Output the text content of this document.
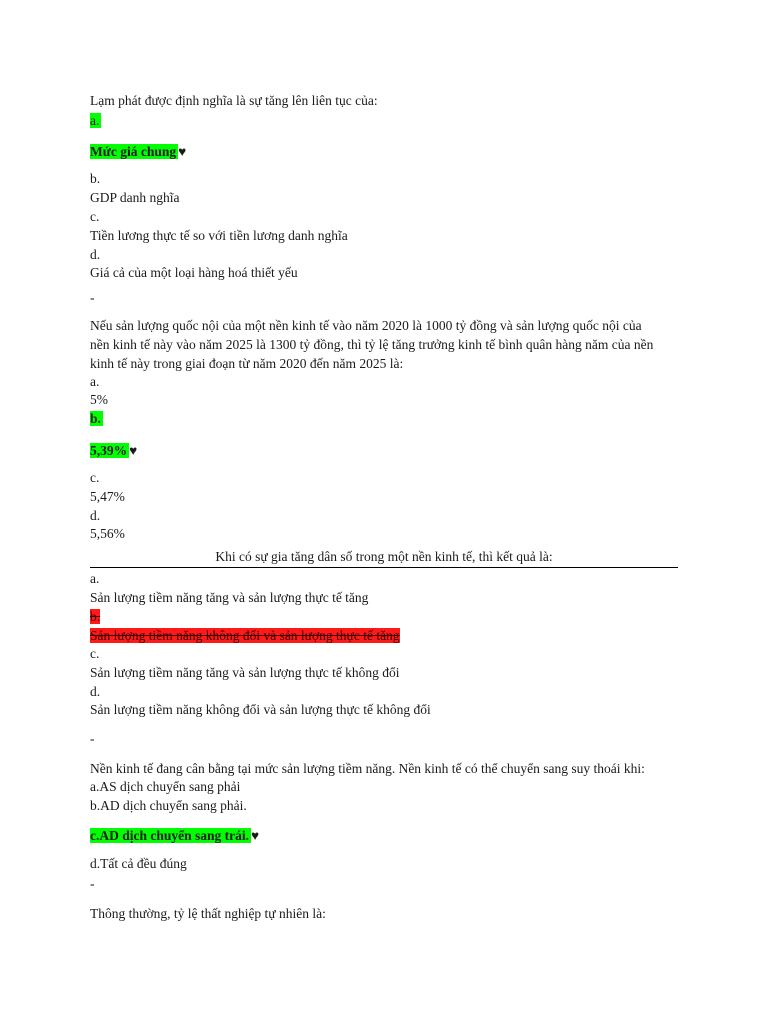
Lạm phát được định nghĩa là sự tăng lên liên tục của:
a.
Mức giá chung ♥
b.
GDP danh nghĩa
c.
Tiền lương thực tế so với tiền lương danh nghĩa
d.
Giá cả của một loại hàng hoá thiết yếu
-
Nếu sản lượng quốc nội của một nền kinh tế vào năm 2020 là 1000 tỷ đồng và sản lượng quốc nội của
nền kinh tế này vào năm 2025 là 1300 tỷ đồng, thì tỷ lệ tăng trưởng kinh tế bình quân hàng năm của nền
kinh tế này trong giai đoạn từ năm 2020 đến năm 2025 là:
a.
5%
b.
5,39% ♥
c.
5,47%
d.
5,56%
Khi có sự gia tăng dân số trong một nền kinh tế, thì kết quả là:
a.
Sản lượng tiềm năng tăng và sản lượng thực tế tăng
b.
Sản lượng tiềm năng không đổi và sản lượng thực tế tăng
c.
Sản lượng tiềm năng tăng và sản lượng thực tế không đổi
d.
Sản lượng tiềm năng không đổi và sản lượng thực tế không đổi
-
Nền kinh tế đang cân bằng tại mức sản lượng tiềm năng. Nền kinh tế có thể chuyển sang suy thoái khi:
a.AS dịch chuyển sang phải
b.AD dịch chuyển sang phải.
c.AD dịch chuyển sang trái. ♥
d.Tất cả đều đúng
-
Thông thường, tỷ lệ thất nghiệp tự nhiên là:
